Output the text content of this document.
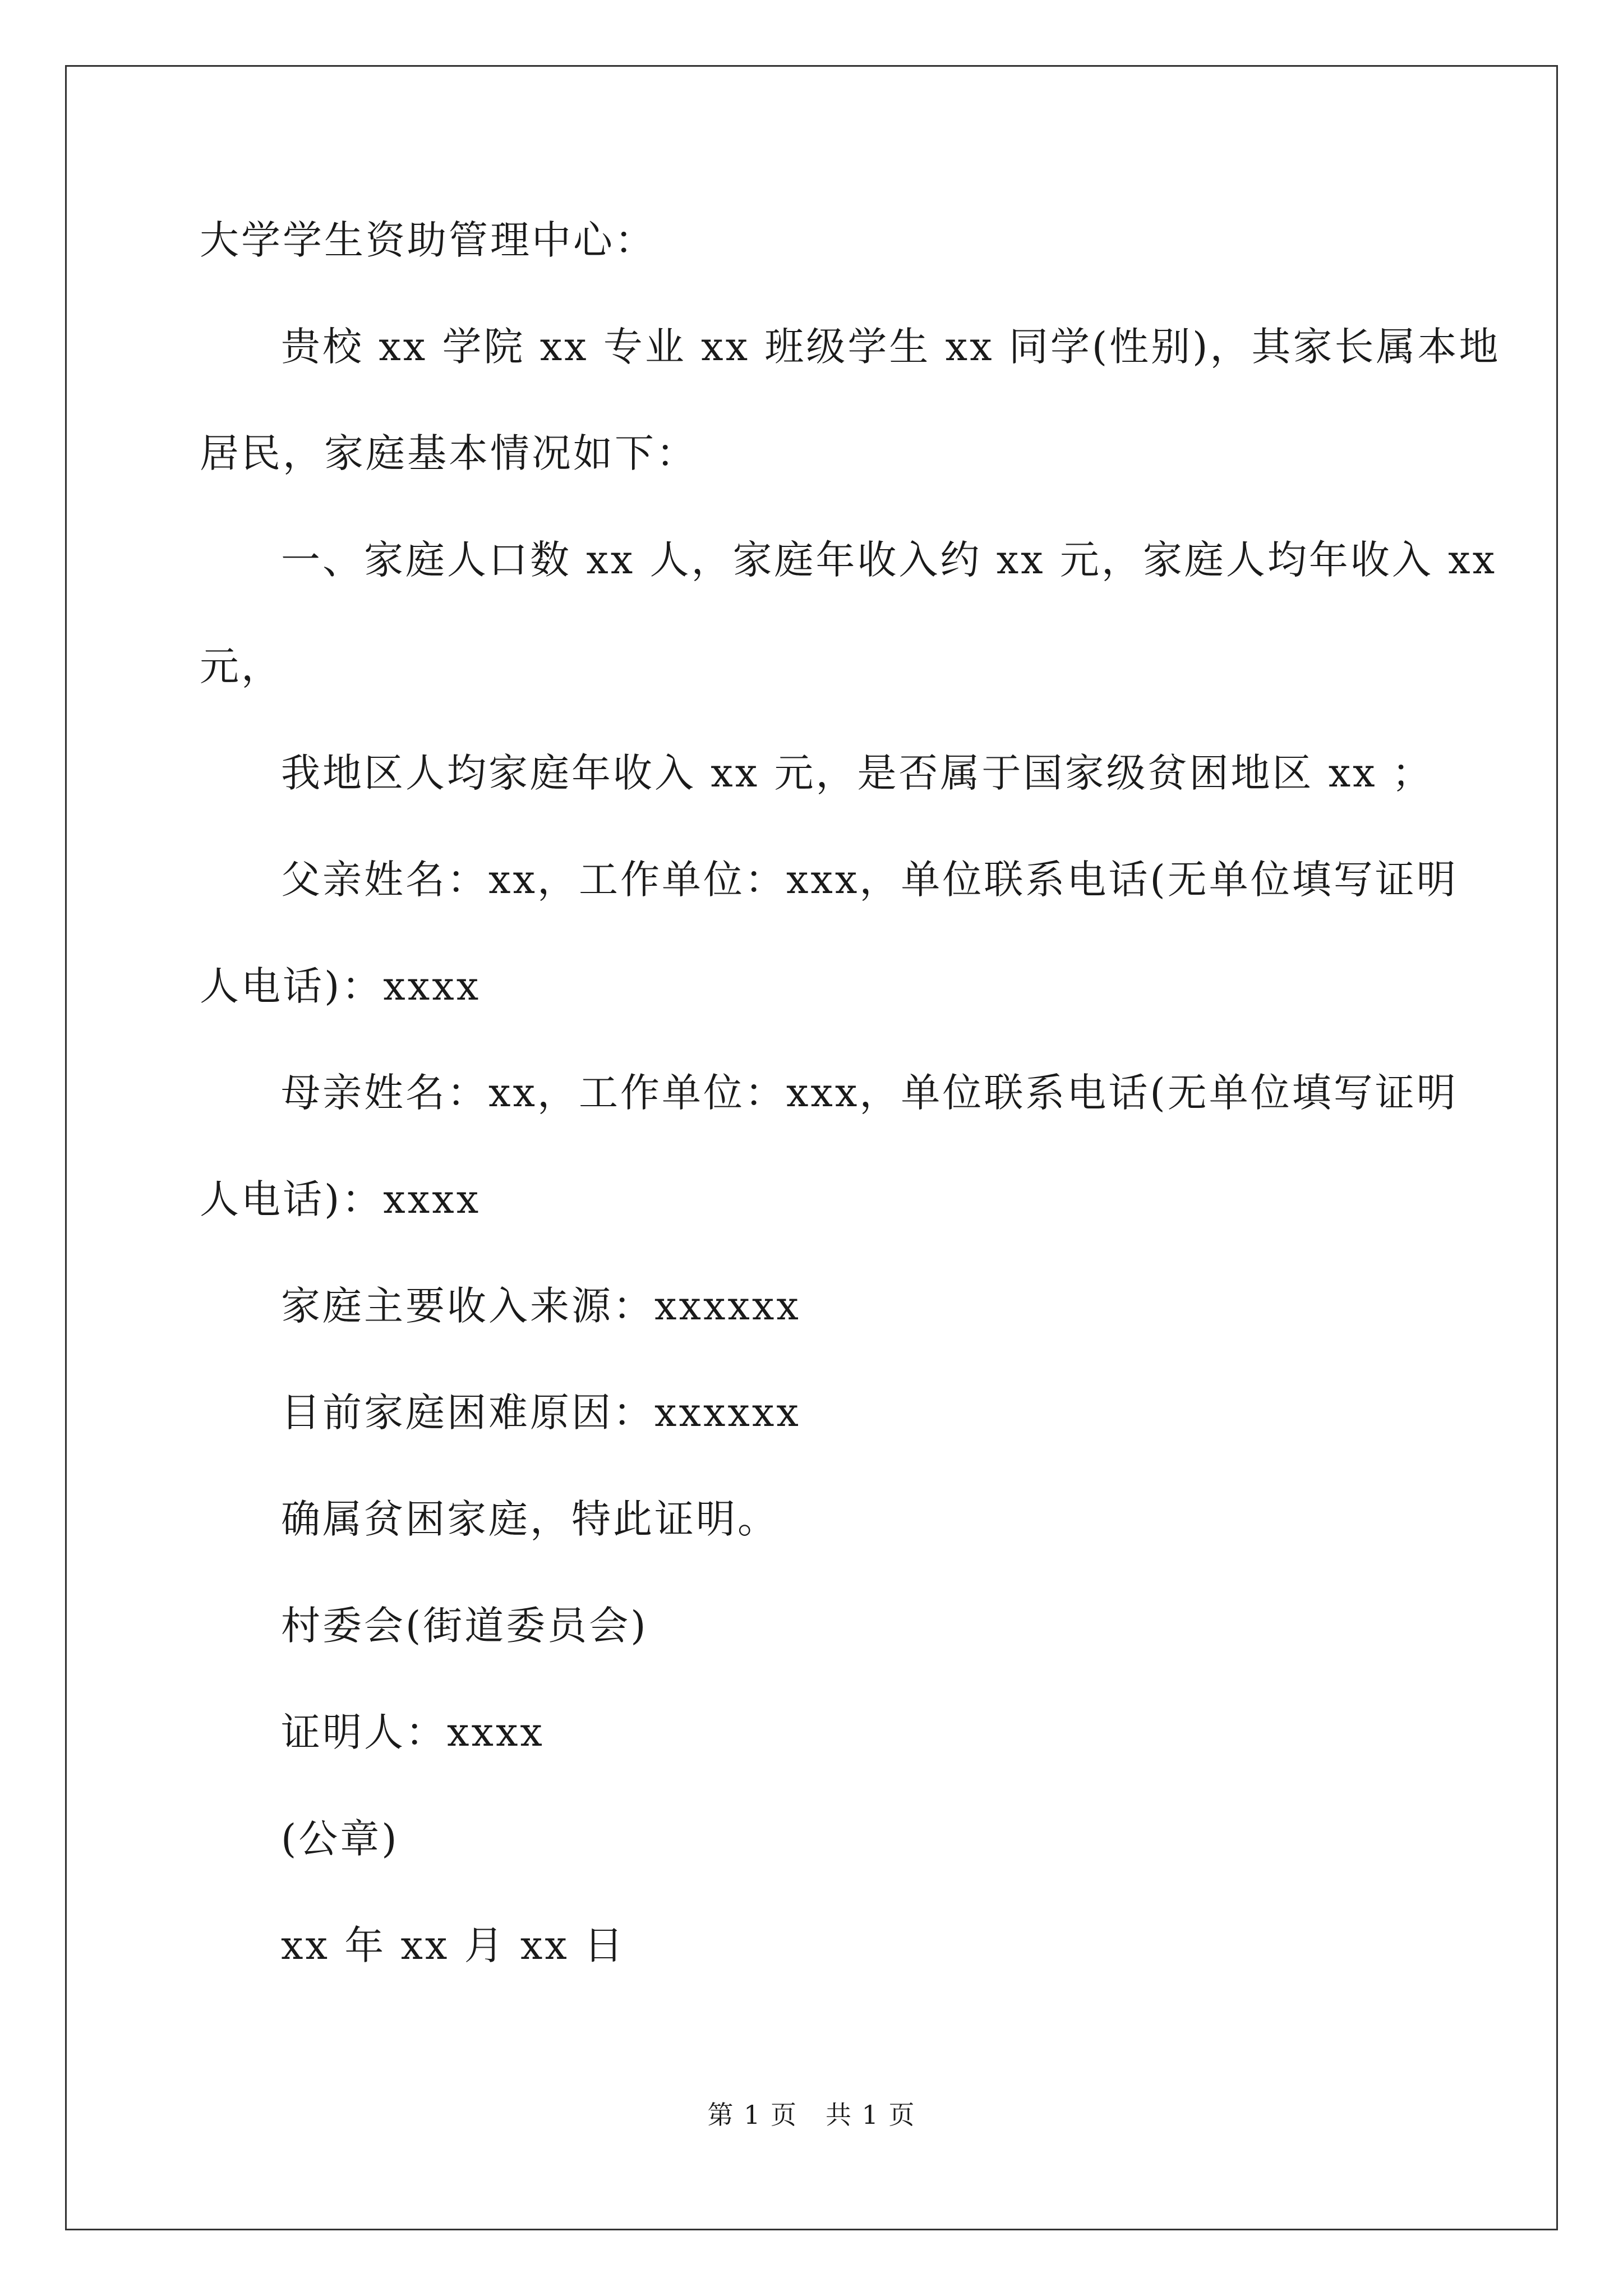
大学学生资助管理中心：
贵校 xx 学院 xx 专业 xx 班级学生 xx 同学(性别)，其家长属本地
居民，家庭基本情况如下：
一、家庭人口数 xx 人，家庭年收入约 xx 元，家庭人均年收入 xx
元，
我地区人均家庭年收入 xx 元，是否属于国家级贫困地区 xx ；
父亲姓名：xx，工作单位：xxx，单位联系电话(无单位填写证明
人电话)：xxxx
母亲姓名：xx，工作单位：xxx，单位联系电话(无单位填写证明
人电话)：xxxx
家庭主要收入来源：xxxxxx
目前家庭困难原因：xxxxxx
确属贫困家庭，特此证明。
村委会(街道委员会)
证明人：xxxx
(公章)
xx 年 xx 月 xx 日
第 1 页 共 1 页
